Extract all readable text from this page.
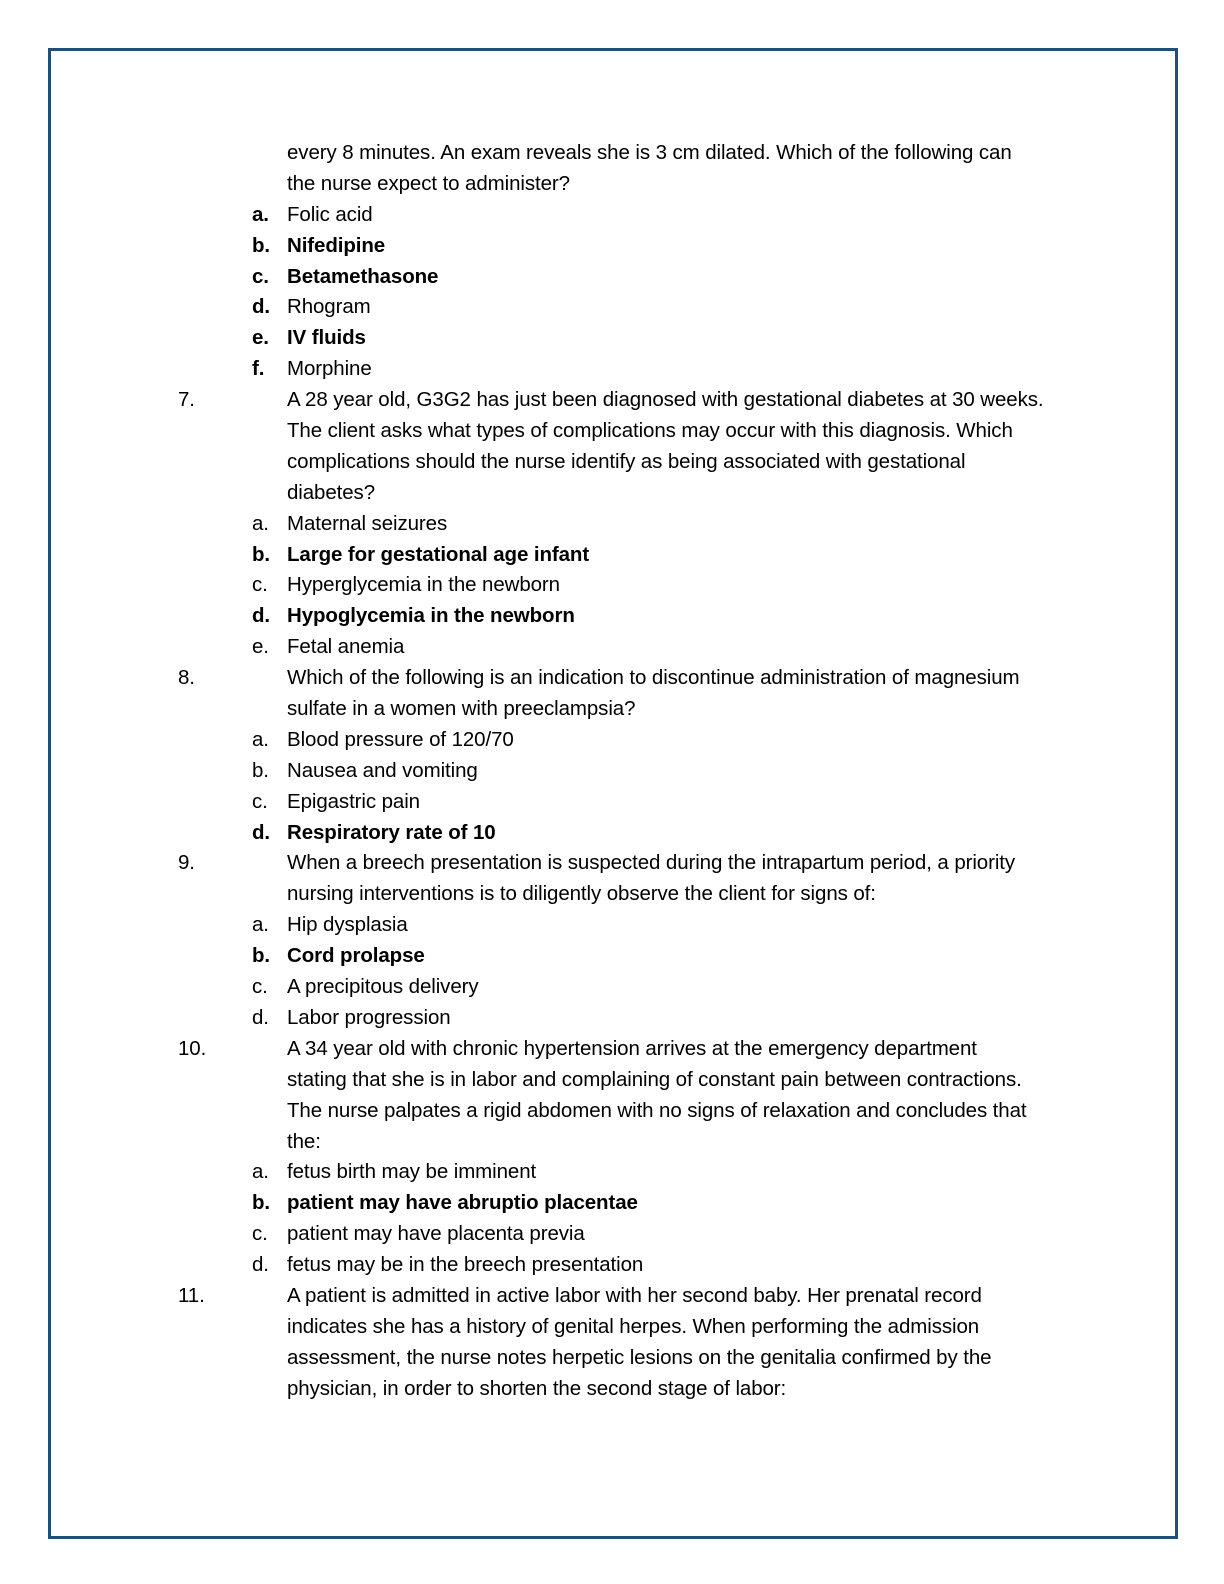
every 8 minutes. An exam reveals she is 3 cm dilated. Which of the following can
the nurse expect to administer?
a. Folic acid
b. Nifedipine
c. Betamethasone
d. Rhogram
e. IV fluids
f. Morphine
7.	A 28 year old, G3G2 has just been diagnosed with gestational diabetes at 30 weeks.
The client asks what types of complications may occur with this diagnosis. Which
complications should the nurse identify as being associated with gestational
diabetes?
a. Maternal seizures
b. Large for gestational age infant
c. Hyperglycemia in the newborn
d. Hypoglycemia in the newborn
e. Fetal anemia
8.	Which of the following is an indication to discontinue administration of magnesium
sulfate in a women with preeclampsia?
a. Blood pressure of 120/70
b. Nausea and vomiting
c. Epigastric pain
d. Respiratory rate of 10
9.	When a breech presentation is suspected during the intrapartum period, a priority
nursing interventions is to diligently observe the client for signs of:
a. Hip dysplasia
b. Cord prolapse
c. A precipitous delivery
d. Labor progression
10.	A 34 year old with chronic hypertension arrives at the emergency department
stating that she is in labor and complaining of constant pain between contractions.
The nurse palpates a rigid abdomen with no signs of relaxation and concludes that
the:
a. fetus birth may be imminent
b. patient may have abruptio placentae
c. patient may have placenta previa
d. fetus may be in the breech presentation
11.	A patient is admitted in active labor with her second baby. Her prenatal record
indicates she has a history of genital herpes. When performing the admission
assessment, the nurse notes herpetic lesions on the genitalia confirmed by the
physician, in order to shorten the second stage of labor:
